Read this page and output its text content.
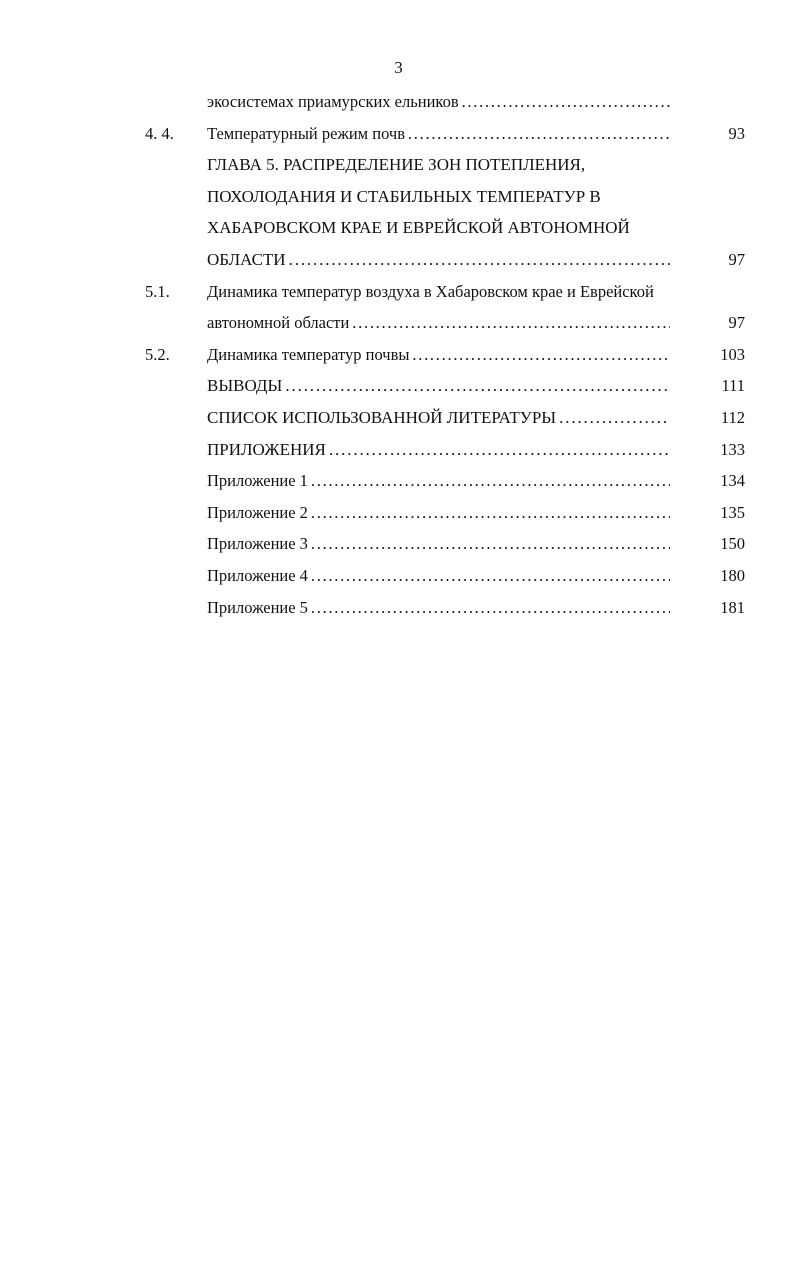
3
экосистемах приамурских ельников . . .
4. 4. Температурный режим почв . . .	93
ГЛАВА 5. РАСПРЕДЕЛЕНИЕ ЗОН ПОТЕПЛЕНИЯ,
ПОХОЛОДАНИЯ И СТАБИЛЬНЫХ ТЕМПЕРАТУР В
ХАБАРОВСКОМ КРАЕ И ЕВРЕЙСКОЙ АВТОНОМНОЙ
ОБЛАСТИ . . .	97
5.1. Динамика температур воздуха в Хабаровском крае и Еврейской
автономной области . . .	97
5.2. Динамика температур почвы . . .	103
ВЫВОДЫ . . .	111
СПИСОК ИСПОЛЬЗОВАННОЙ ЛИТЕРАТУРЫ . . .	112
ПРИЛОЖЕНИЯ . . .	133
Приложение 1 . . .	134
Приложение 2 . . .	135
Приложение 3 . . .	150
Приложение 4 . . .	180
Приложение 5 . . .	181
